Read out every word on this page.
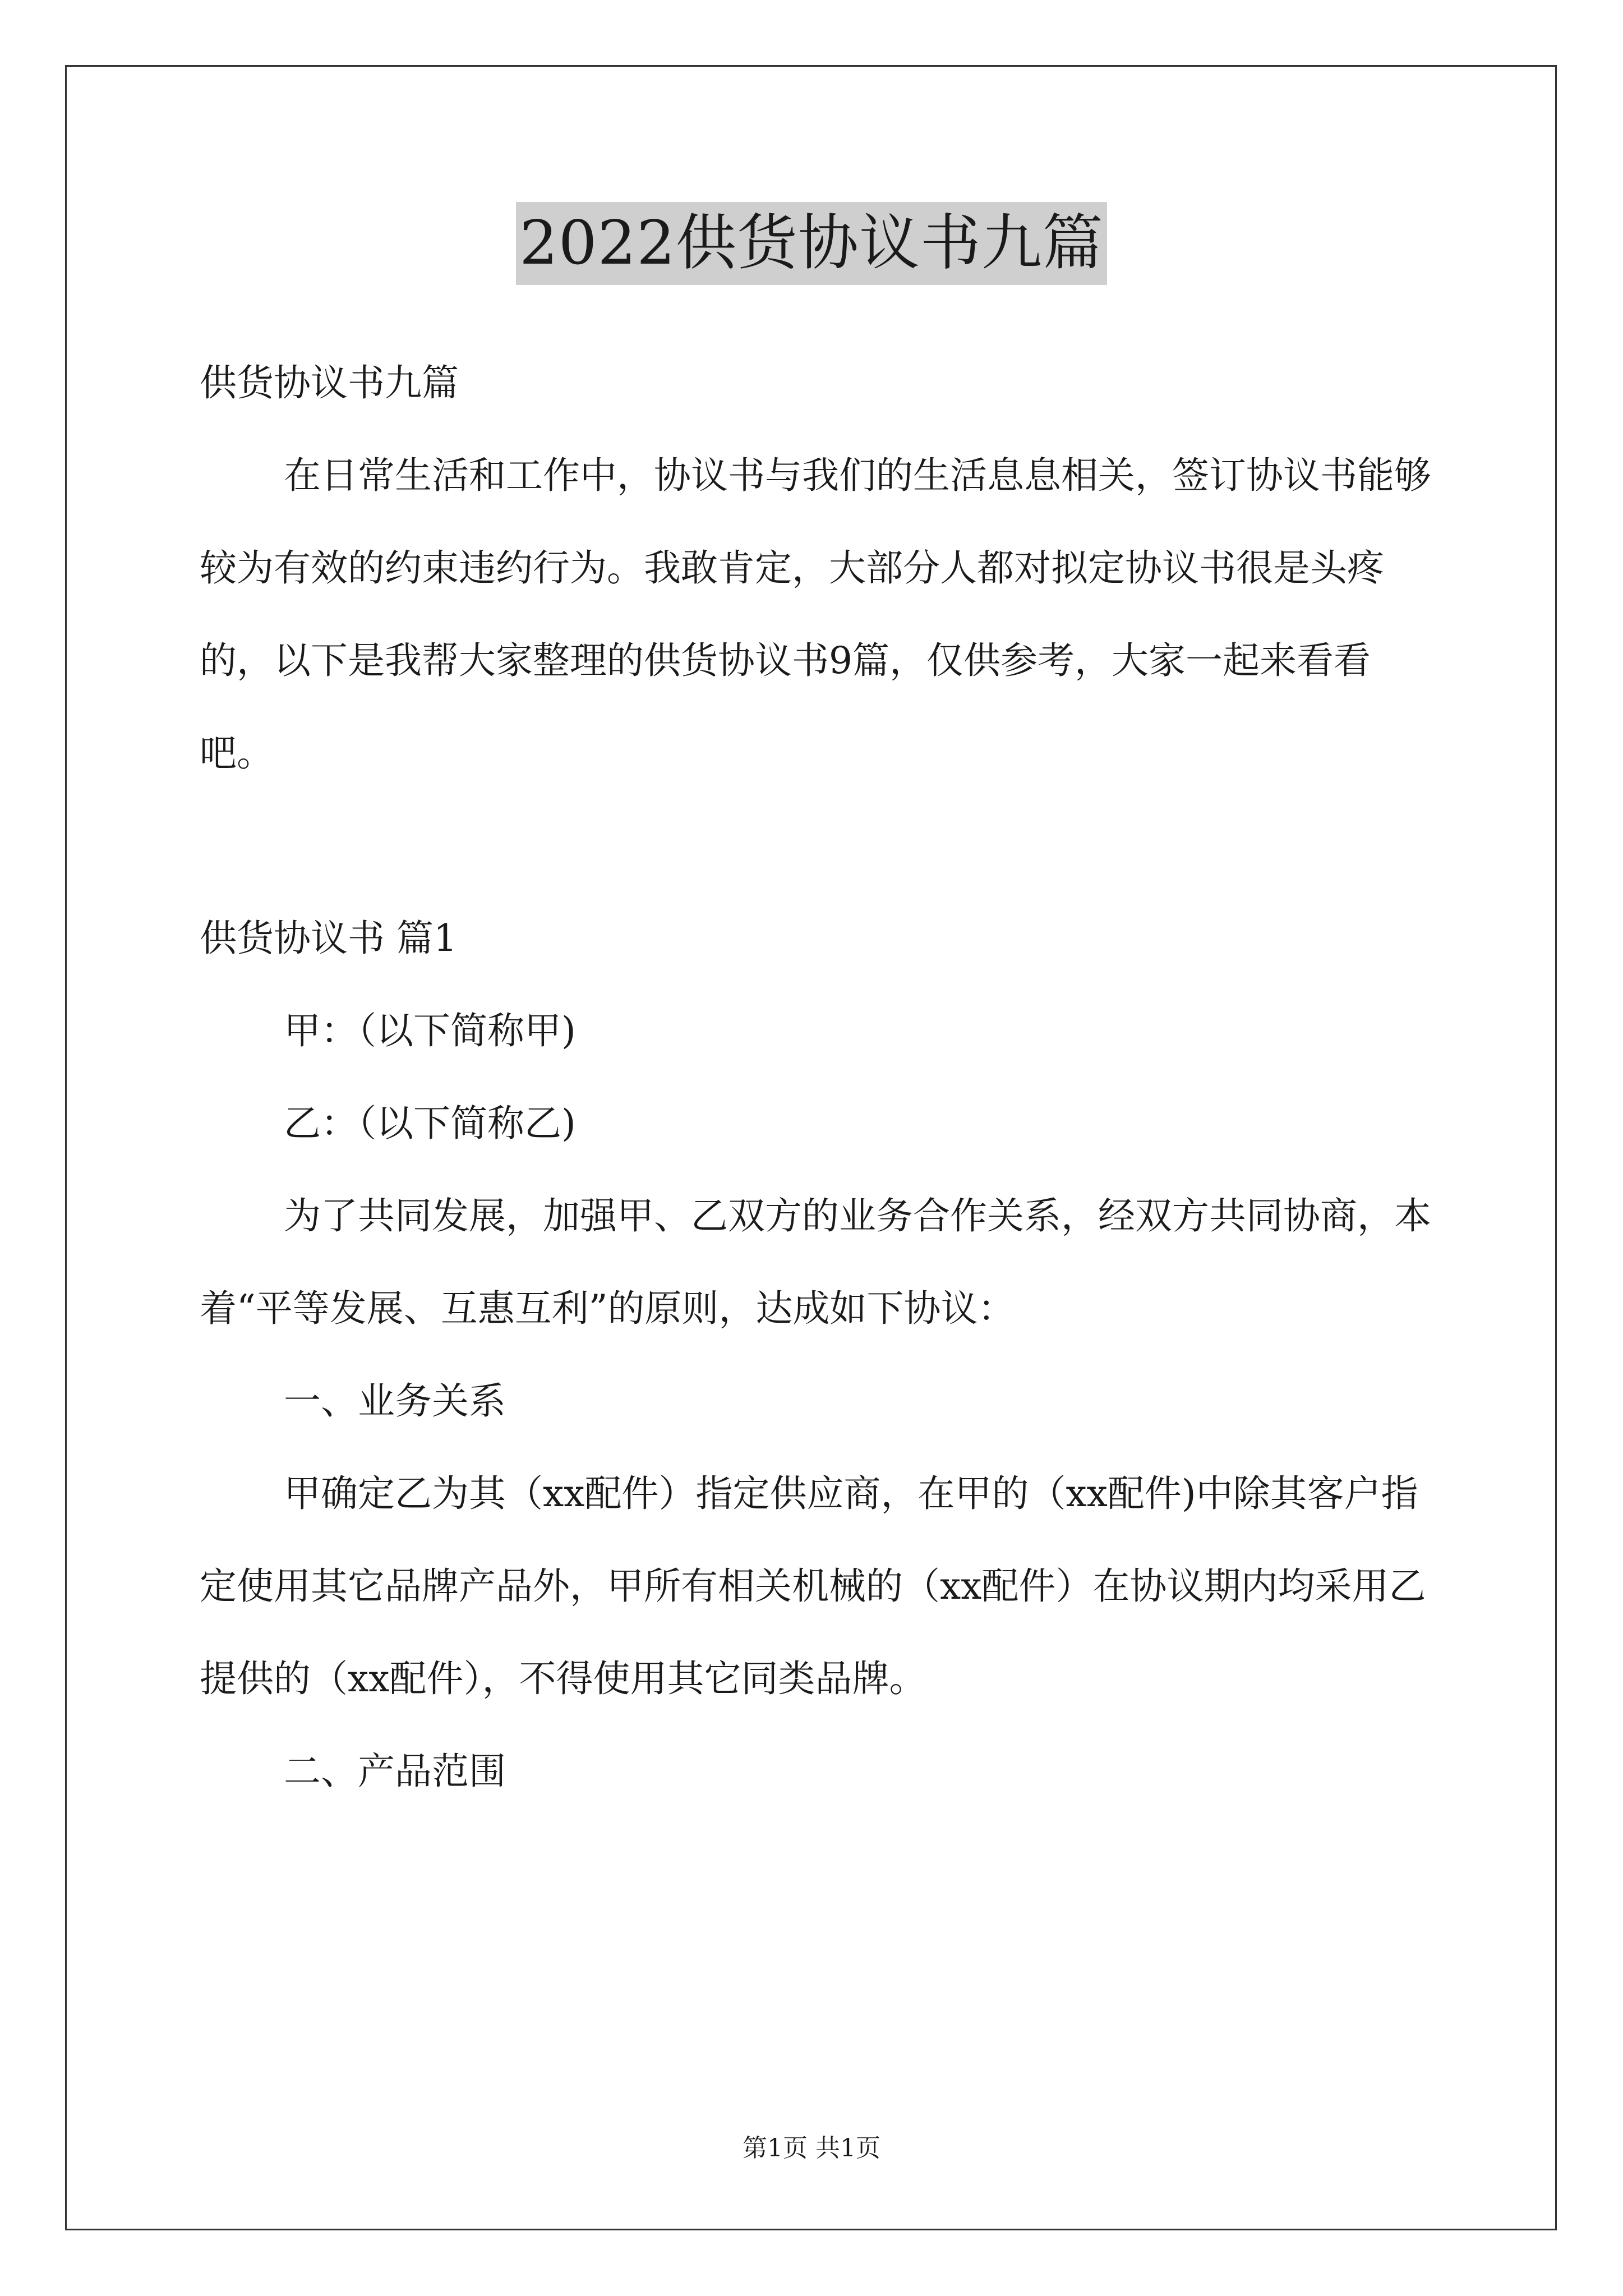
2022供货协议书九篇

供货协议书九篇

在日常生活和工作中，协议书与我们的生活息息相关，签订协议书能够较为有效的约束违约行为。我敢肯定，大部分人都对拟定协议书很是头疼的，以下是我帮大家整理的供货协议书9篇，仅供参考，大家一起来看看吧。

供货协议书 篇1

甲：（以下简称甲)

乙：（以下简称乙)

为了共同发展，加强甲、乙双方的业务合作关系，经双方共同协商，本着“平等发展、互惠互利”的原则，达成如下协议：

一、业务关系

甲确定乙为其（xx配件）指定供应商，在甲的（xx配件)中除其客户指定使用其它品牌产品外，甲所有相关机械的（xx配件）在协议期内均采用乙提供的（xx配件），不得使用其它同类品牌。

二、产品范围

第1页 共1页
